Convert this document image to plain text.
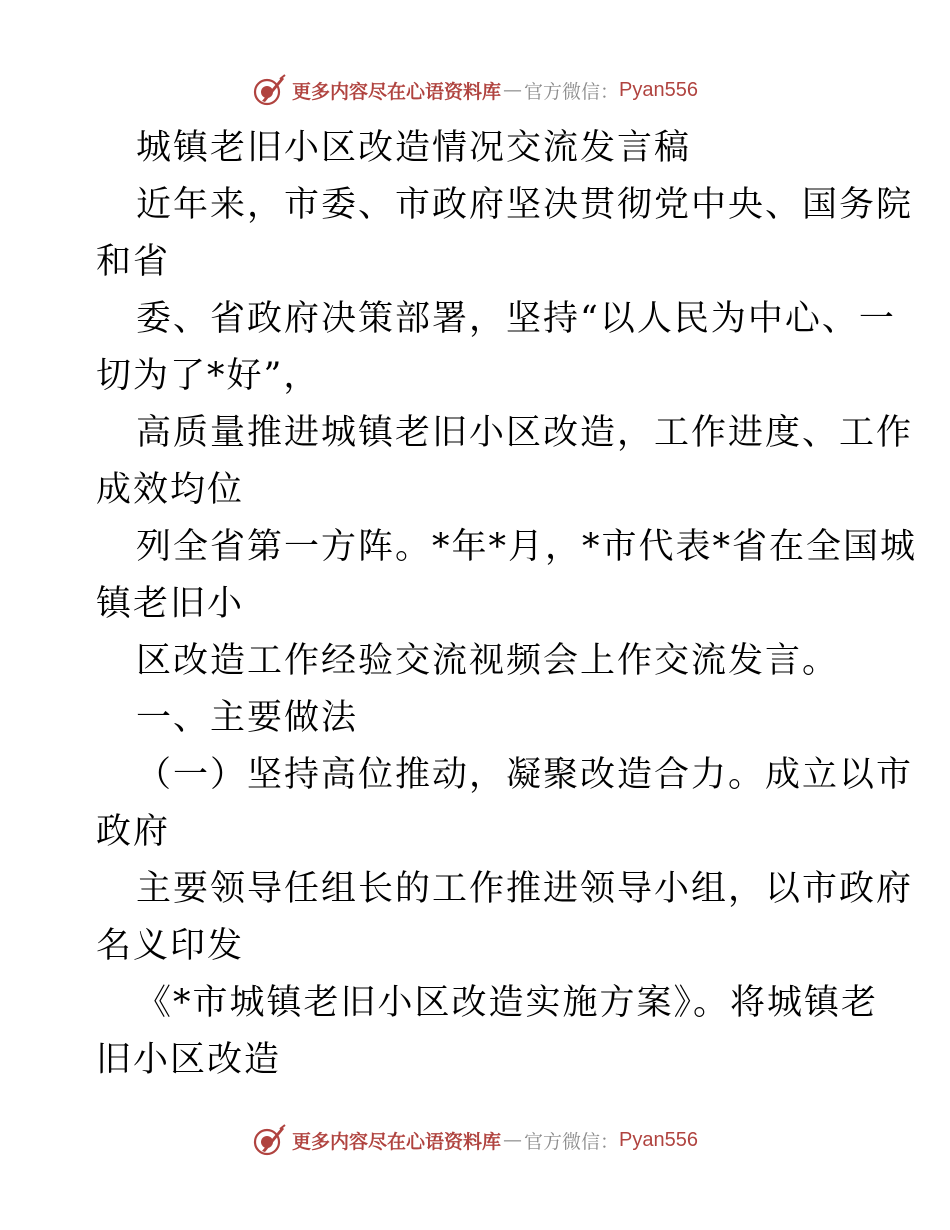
更多内容尽在心语资料库 — 官方微信： Pyan556
城镇老旧小区改造情况交流发言稿
近年来，市委、市政府坚决贯彻党中央、国务院
和省
委、省政府决策部署，坚持“以人民为中心、一
切为了*好”，
高质量推进城镇老旧小区改造，工作进度、工作
成效均位
列全省第一方阵。*年*月，*市代表*省在全国城
镇老旧小
区改造工作经验交流视频会上作交流发言。
一、主要做法
（一）坚持高位推动，凝聚改造合力。成立以市
政府
主要领导任组长的工作推进领导小组，以市政府
名义印发
《*市城镇老旧小区改造实施方案》。将城镇老
旧小区改造
更多内容尽在心语资料库 — 官方微信： Pyan556
